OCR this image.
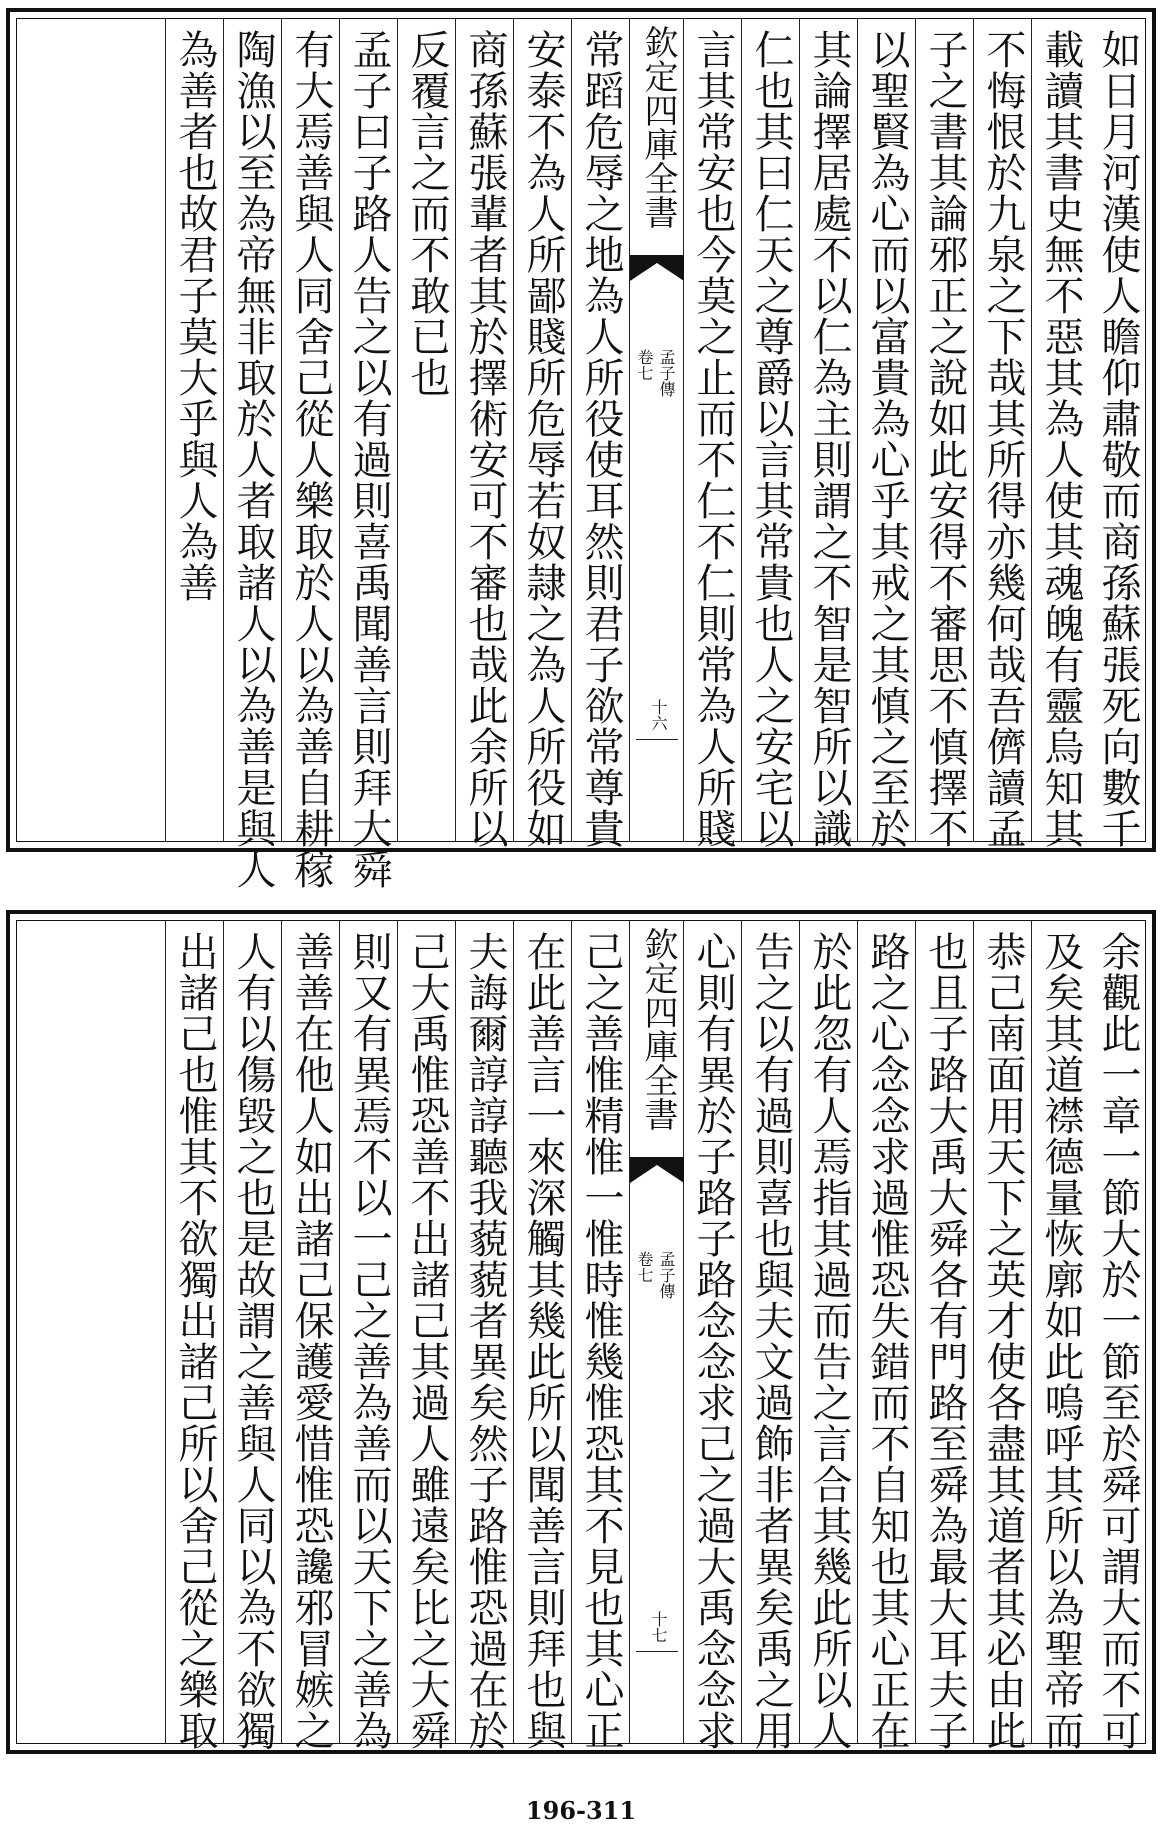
如日月河漢使人瞻仰肅敬而商孫蘇張死向數千
載讀其書史無不惡其為人使其魂魄有靈烏知其
不悔恨於九泉之下哉其所得亦幾何哉吾儕讀孟
子之書其論邪正之說如此安得不審思不慎擇不
以聖賢為心而以富貴為心乎其戒之其慎之至於
其論擇居處不以仁為主則謂之不智是智所以識
仁也其曰仁天之尊爵以言其常貴也人之安宅以
言其常安也今莫之止而不仁不仁則常為人所賤
欽定四庫全書
孟子傳
卷七
十六
常蹈危辱之地為人所役使耳然則君子欲常尊貴
安泰不為人所鄙賤所危辱若奴隷之為人所役如
商孫蘇張輩者其於擇術安可不審也哉此余所以
反覆言之而不敢已也
孟子曰子路人告之以有過則喜禹聞善言則拜大舜
有大焉善與人同舍己從人樂取於人以為善自耕稼
陶漁以至為帝無非取於人者取諸人以為善是與人
為善者也故君子莫大乎與人為善
余觀此一章一節大於一節至於舜可謂大而不可
及矣其道襟德量恢廓如此嗚呼其所以為聖帝而
恭己南面用天下之英才使各盡其道者其必由此
也且子路大禹大舜各有門路至舜為最大耳夫子
路之心念念求過惟恐失錯而不自知也其心正在
於此忽有人焉指其過而告之言合其幾此所以人
告之以有過則喜也與夫文過飾非者異矣禹之用
心則有異於子路子路念念求己之過大禹念念求
欽定四庫全書
孟子傳
卷七
十七
己之善惟精惟一惟時惟幾惟恐其不見也其心正
在此善言一來深觸其幾此所以聞善言則拜也與
夫誨爾諄諄聽我藐藐者異矣然子路惟恐過在於
己大禹惟恐善不出諸己其過人雖遠矣比之大舜
則又有異焉不以一己之善為善而以天下之善為
善善在他人如出諸己保護愛惜惟恐讒邪冒嫉之
人有以傷毀之也是故謂之善與人同以為不欲獨
出諸己也惟其不欲獨出諸己所以舍己從之樂取
196-311
